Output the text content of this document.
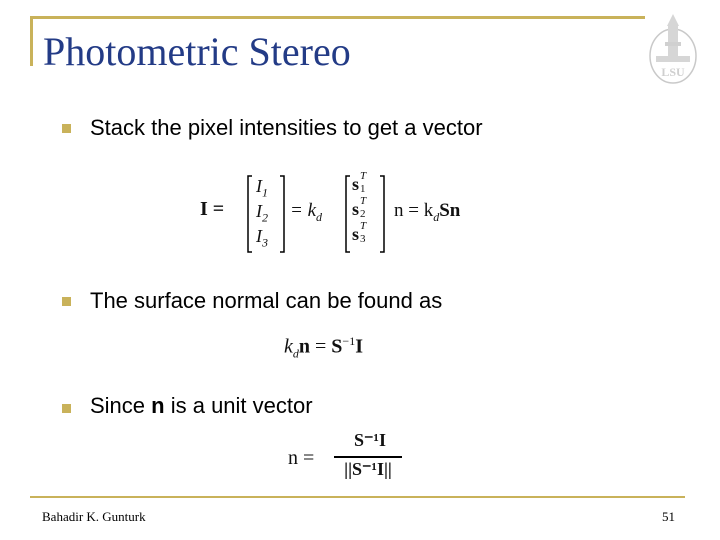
Photometric Stereo	LSU
Stack the pixel intensities to get a vector
I =
$I_1$
$I_2$
$I_3$
= $k_d$
s T
1
s T
2
s T
3
$n = k_dSn$
The surface normal can be found as
$k_dn = S^{-1}I$
Since n is a unit vector
n =
S⁻¹I
||S⁻¹I||
Bahadir K. Gunturk	51
